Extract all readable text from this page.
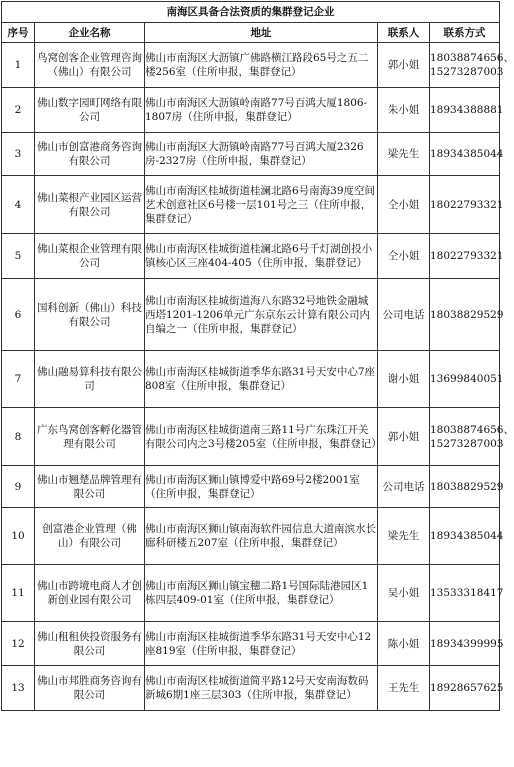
南海区具备合法资质的集群登记企业				
序号	企业名称	地址	联系人	联系方式
1	鸟窝创客企业管理咨询（佛山）有限公司	佛山市南海区大沥镇广佛路横江路段65号之五二楼256室（住所申报，集群登记）	郭小姐	18038874656、
15273287003

2	佛山数字园町网络有限公司	佛山市南海区大沥镇岭南路77号百鸿大厦1806-1807房（住所申报，集群登记）	朱小姐	18934388881

3	佛山市创富港商务咨询有限公司	佛山市南海区大沥镇岭南路77号百鸿大厦2326房-2327房（住所申报，集群登记）	梁先生	18934385044

4	佛山菜根产业园区运营有限公司	佛山市南海区桂城街道桂澜北路6号南海39度空间艺术创意社区6号楼一层101号之三（住所申报，集群登记）	仝小姐	18022793321

5	佛山菜根企业管理有限公司	佛山市南海区桂城街道桂澜北路6号千灯湖创投小镇核心区三座404-405（住所申报，集群登记）	仝小姐	18022793321

6	国科创新（佛山）科技有限公司	佛山市南海区桂城街道海八东路32号地铁金融城西塔1201-1206单元广东京东云计算有限公司内自编之一（住所申报，集群登记）	公司电话	18038829529

7	佛山融易算科技有限公司	佛山市南海区桂城街道季华东路31号天安中心7座808室（住所申报，集群登记）	谢小姐	13699840051

8	广东鸟窝创客孵化器管理有限公司	佛山市南海区桂城街道南三路11号广东珠江开关有限公司内之3号楼205室（住所申报，集群登记）	郭小姐	18038874656、
15273287003

9	佛山市翘楚品牌管理有限公司	佛山市南海区狮山镇博爱中路69号2楼2001室（住所申报，集群登记）	公司电话	18038829529

10	创富港企业管理（佛山）有限公司	佛山市南海区狮山镇南海软件园信息大道南滨水长廊科研楼五207室（住所申报，集群登记）	梁先生	18934385044

11	佛山市跨境电商人才创新创业园有限公司	佛山市南海区狮山镇宝穗二路1号国际陆港园区1栋四层409-01室（住所申报，集群登记）	吴小姐	13533318417

12	佛山租租侠投资服务有限公司	佛山市南海区桂城街道季华东路31号天安中心12座819室（住所申报，集群登记）	陈小姐	18934399995

13	佛山市邦胜商务咨询有限公司	佛山市南海区桂城街道简平路12号天安南海数码新城6期1座三层303（住所申报，集群登记）	王先生	18928657625
